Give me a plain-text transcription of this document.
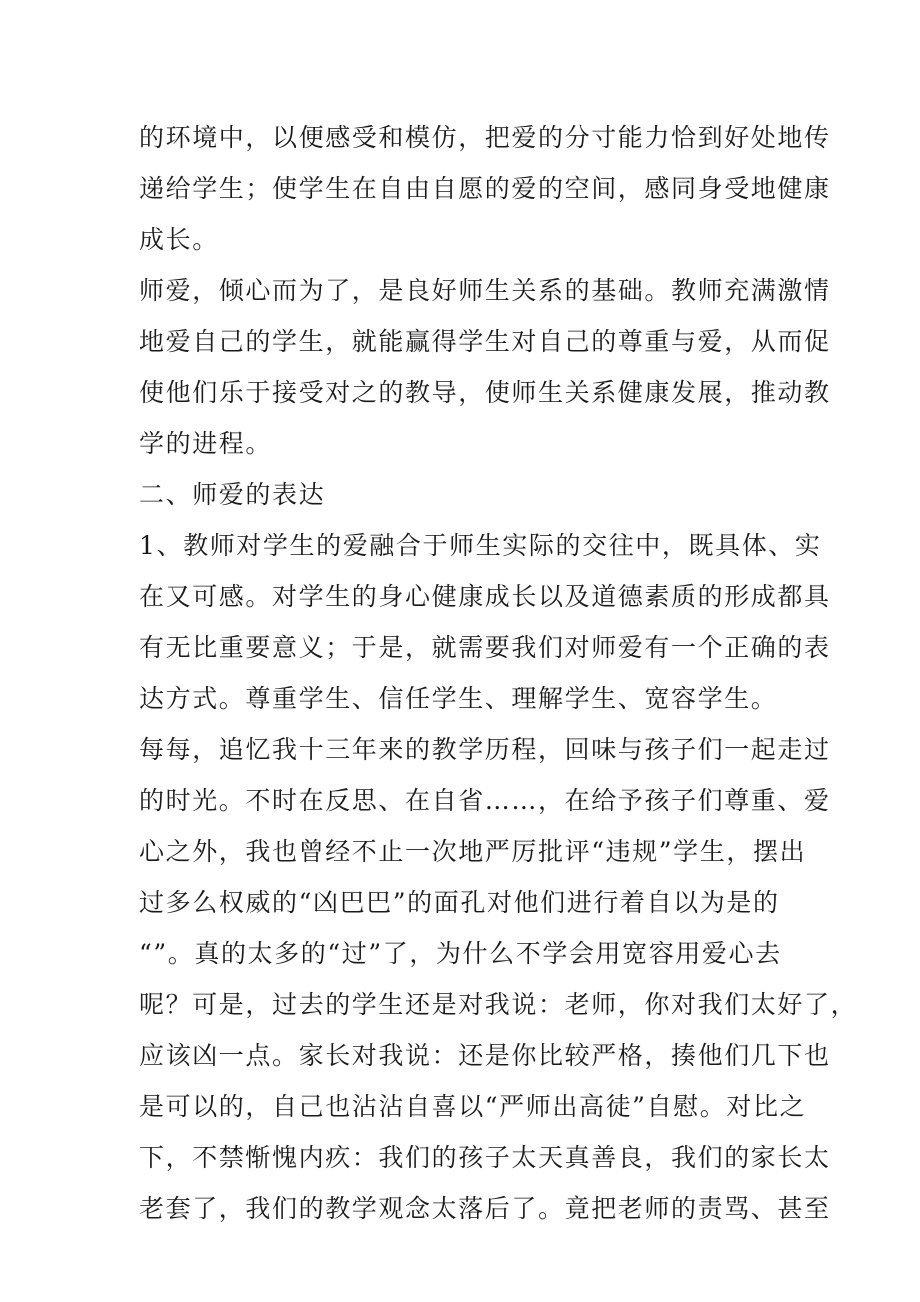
的环境中，以便感受和模仿，把爱的分寸能力恰到好处地传
递给学生；使学生在自由自愿的爱的空间，感同身受地健康
成长。
师爱，倾心而为了，是良好师生关系的基础。教师充满激情
地爱自己的学生，就能赢得学生对自己的尊重与爱，从而促
使他们乐于接受对之的教导，使师生关系健康发展，推动教
学的进程。
二、师爱的表达
1、教师对学生的爱融合于师生实际的交往中，既具体、实
在又可感。对学生的身心健康成长以及道德素质的形成都具
有无比重要意义；于是，就需要我们对师爱有一个正确的表
达方式。尊重学生、信任学生、理解学生、宽容学生。
每每，追忆我十三年来的教学历程，回味与孩子们一起走过
的时光。不时在反思、在自省……，在给予孩子们尊重、爱
心之外，我也曾经不止一次地严厉批评“违规”学生，摆出
过多么权威的“凶巴巴”的面孔对他们进行着自以为是的
“”。真的太多的“过”了，为什么不学会用宽容用爱心去
呢？可是，过去的学生还是对我说：老师，你对我们太好了，
应该凶一点。家长对我说：还是你比较严格，揍他们几下也
是可以的，自己也沾沾自喜以“严师出高徒”自慰。对比之
下，不禁惭愧内疚：我们的孩子太天真善良，我们的家长太
老套了，我们的教学观念太落后了。竟把老师的责骂、甚至
